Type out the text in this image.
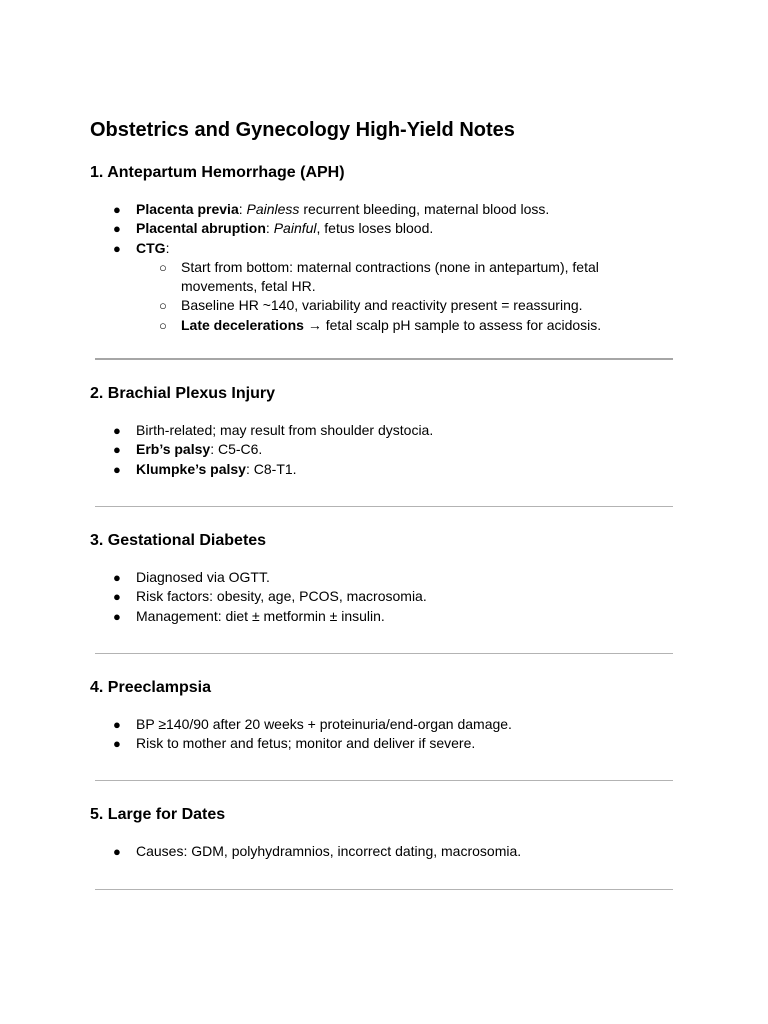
Obstetrics and Gynecology High-Yield Notes
1. Antepartum Hemorrhage (APH)
● Placenta previa: Painless recurrent bleeding, maternal blood loss.
● Placental abruption: Painful, fetus loses blood.
● CTG:
○ Start from bottom: maternal contractions (none in antepartum), fetal movements, fetal HR.
○ Baseline HR ~140, variability and reactivity present = reassuring.
○ Late decelerations → fetal scalp pH sample to assess for acidosis.
2. Brachial Plexus Injury
● Birth-related; may result from shoulder dystocia.
● Erb’s palsy: C5-C6.
● Klumpke’s palsy: C8-T1.
3. Gestational Diabetes
● Diagnosed via OGTT.
● Risk factors: obesity, age, PCOS, macrosomia.
● Management: diet ± metformin ± insulin.
4. Preeclampsia
● BP ≥140/90 after 20 weeks + proteinuria/end-organ damage.
● Risk to mother and fetus; monitor and deliver if severe.
5. Large for Dates
● Causes: GDM, polyhydramnios, incorrect dating, macrosomia.
